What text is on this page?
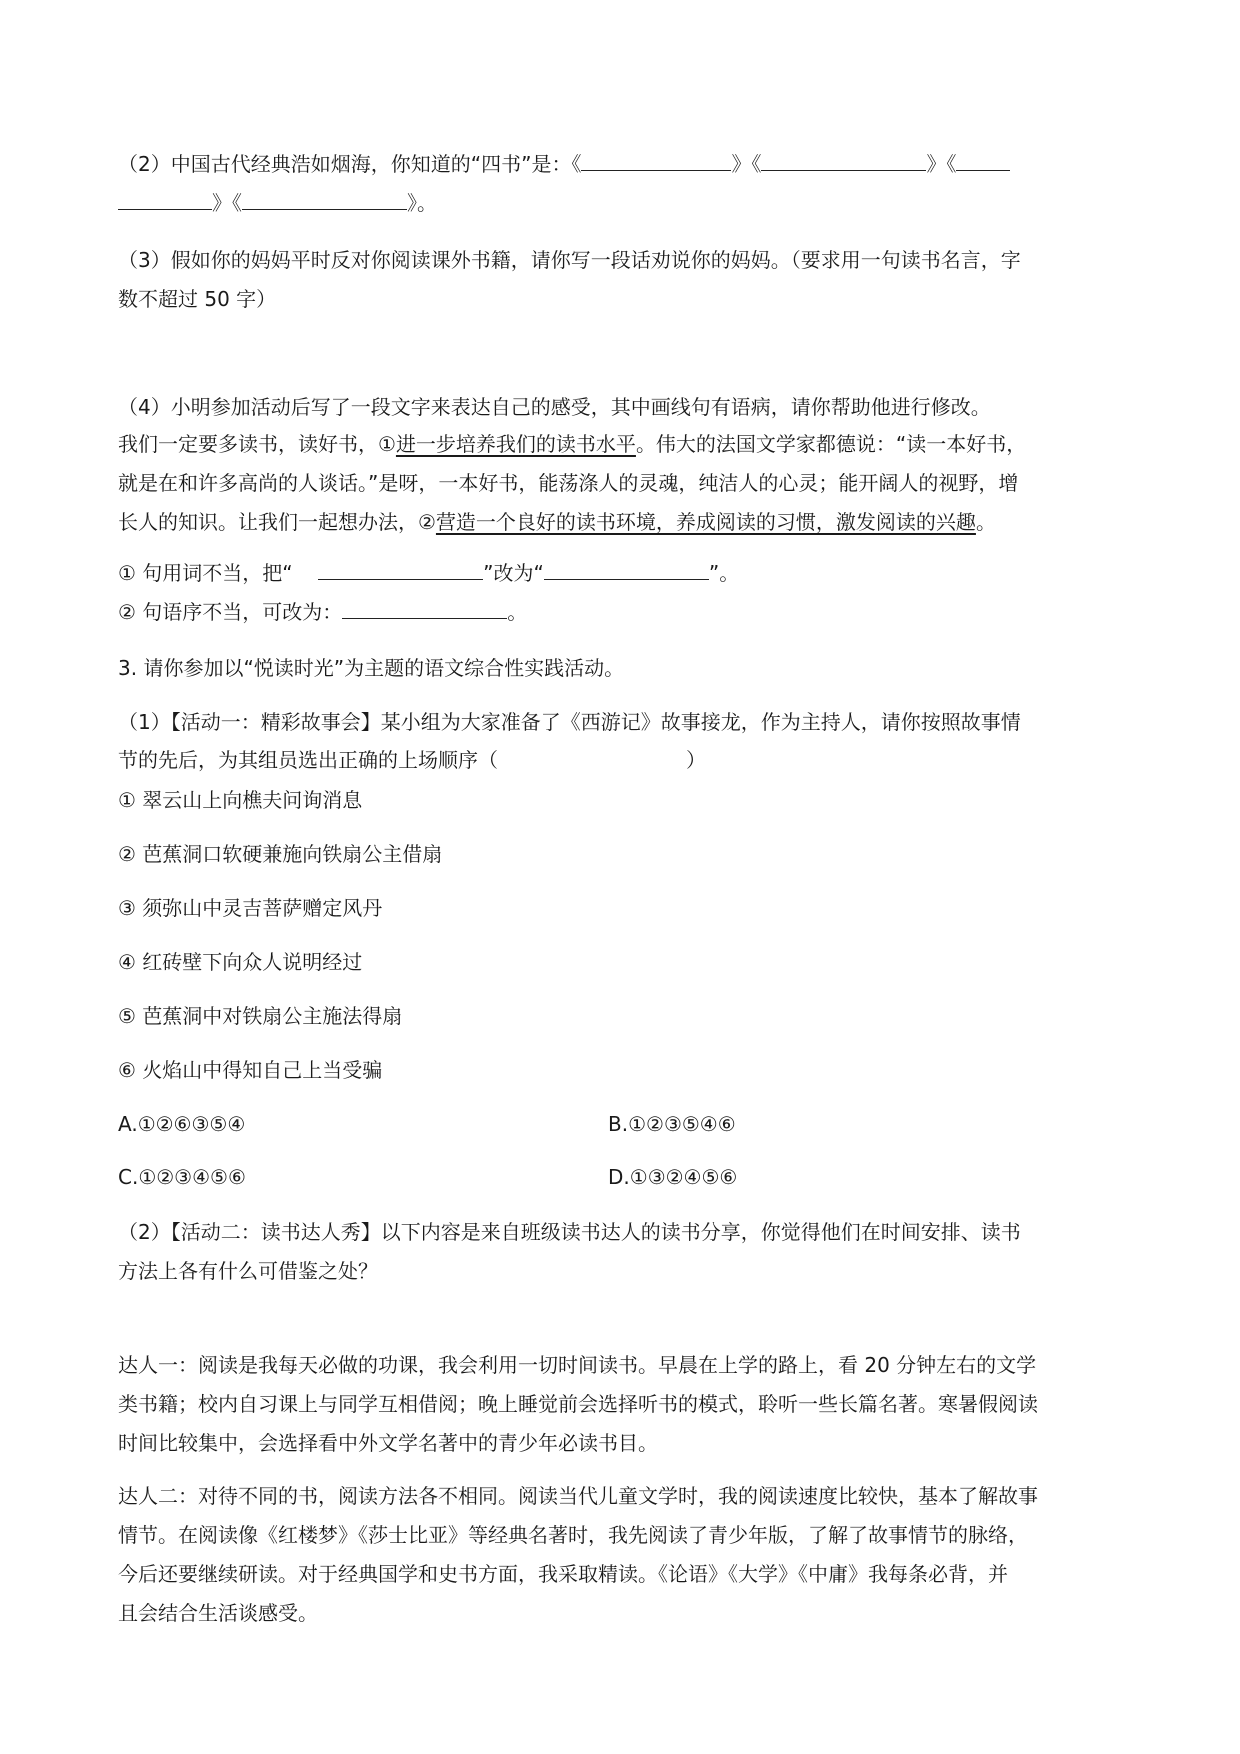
（2）中国古代经典浩如烟海，你知道的“四书”是：《	》《	》《
》《	》。
（3）假如你的妈妈平时反对你阅读课外书籍，请你写一段话劝说你的妈妈。（要求用一句读书名言，字
数不超过 50 字）
（4）小明参加活动后写了一段文字来表达自己的感受，其中画线句有语病，请你帮助他进行修改。
我们一定要多读书，读好书，①进一步培养我们的读书水平。伟大的法国文学家都德说：“读一本好书，
就是在和许多高尚的人谈话。”是呀，一本好书，能荡涤人的灵魂，纯洁人的心灵；能开阔人的视野，增
长人的知识。让我们一起想办法，②营造一个良好的读书环境，养成阅读的习惯，激发阅读的兴趣。
① 句用词不当，把“	”改为“	”。
② 句语序不当，可改为：	。
3. 请你参加以“悦读时光”为主题的语文综合性实践活动。
（1）【活动一：精彩故事会】某小组为大家准备了《西游记》故事接龙，作为主持人，请你按照故事情
节的先后，为其组员选出正确的上场顺序（	）
① 翠云山上向樵夫问询消息
② 芭蕉洞口软硬兼施向铁扇公主借扇
③ 须弥山中灵吉菩萨赠定风丹
④ 红砖壁下向众人说明经过
⑤ 芭蕉洞中对铁扇公主施法得扇
⑥ 火焰山中得知自己上当受骗
A.①②⑥③⑤④	B.①②③⑤④⑥
C.①②③④⑤⑥	D.①③②④⑤⑥
（2）【活动二：读书达人秀】以下内容是来自班级读书达人的读书分享，你觉得他们在时间安排、读书
方法上各有什么可借鉴之处？
达人一：阅读是我每天必做的功课，我会利用一切时间读书。早晨在上学的路上，看 20 分钟左右的文学
类书籍；校内自习课上与同学互相借阅；晚上睡觉前会选择听书的模式，聆听一些长篇名著。寒暑假阅读
时间比较集中，会选择看中外文学名著中的青少年必读书目。
达人二：对待不同的书，阅读方法各不相同。阅读当代儿童文学时，我的阅读速度比较快，基本了解故事
情节。在阅读像《红楼梦》《莎士比亚》等经典名著时，我先阅读了青少年版，了解了故事情节的脉络，
今后还要继续研读。对于经典国学和史书方面，我采取精读。《论语》《大学》《中庸》我每条必背，并
且会结合生活谈感受。
